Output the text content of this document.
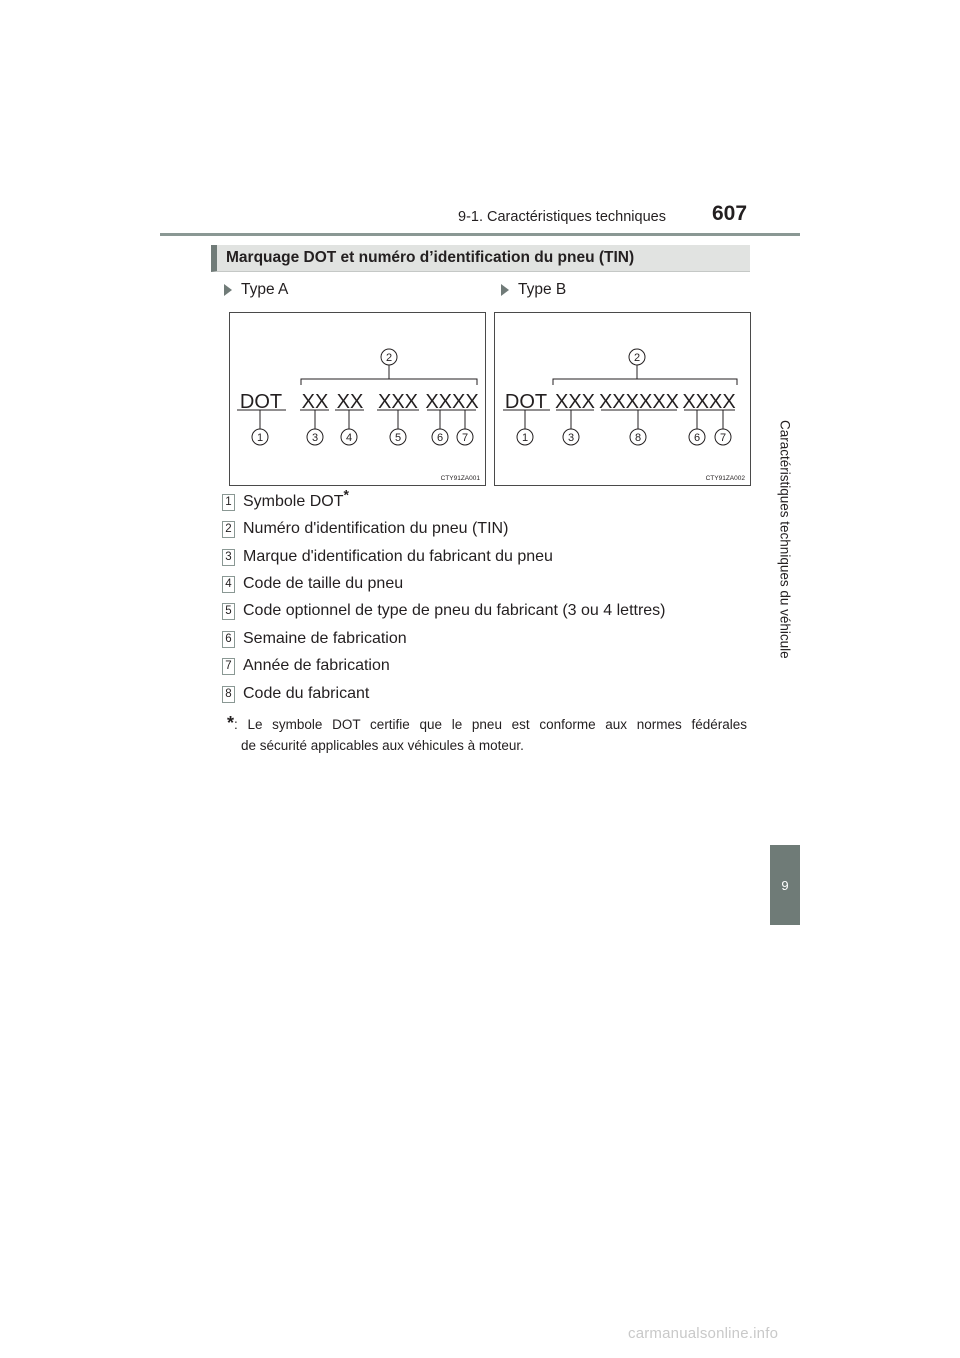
9-1. Caractéristiques techniques 607
Caractéristiques techniques du véhicule
9
Marquage DOT et numéro d’identification du pneu (TIN)
Type A	Type B
DOT XX XX XXX XXXX
2
1	3	4	5	6 7
CTY91ZA001
DOT XXX XXXXXX XXXX
2
1	3	8	6 7
CTY91ZA002
1 Symbole DOT*
2 Numéro d'identification du pneu (TIN)
3 Marque d'identification du fabricant du pneu
4 Code de taille du pneu
5 Code optionnel de type de pneu du fabricant (3 ou 4 lettres)
6 Semaine de fabrication
7 Année de fabrication
8 Code du fabricant
*: Le symbole DOT certifie que le pneu est conforme aux normes fédérales
de sécurité applicables aux véhicules à moteur.
carmanualsonline.info
